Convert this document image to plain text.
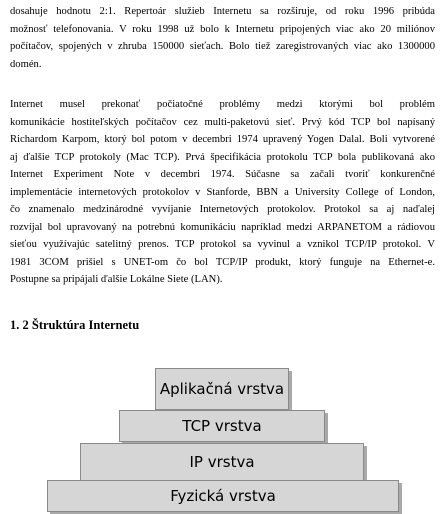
dosahuje hodnotu 2:1. Repertoár služieb Internetu sa rozširuje, od roku 1996 pribúda
možnosť telefonovania. V roku 1998 už bolo k Internetu pripojených viac ako 20 miliónov
počítačov, spojených v zhruba 150000 sieťach. Bolo tiež zaregistrovaných viac ako 1300000
domén.
Internet musel prekonať počiatočné problémy medzi ktorými bol problém
komunikácie hostiteľských počítačov cez multi-paketovú sieť. Prvý kód TCP bol napísaný
Richardom Karpom, ktorý bol potom v decembri 1974 upravený Yogen Dalal. Boli vytvorené
aj ďalšie TCP protokoly (Mac TCP). Prvá špecifikácia protokolu TCP bola publikovaná ako
Internet Experiment Note v decembri 1974. Súčasne sa začali tvoriť konkurenčné
implementácie internetových protokolov v Stanforde, BBN a University College of London,
čo znamenalo medzinárodné vyvíjanie Internetových protokolov. Protokol sa aj naďalej
rozvíjal bol upravovaný na potrebnú komunikáciu napríklad medzi ARPANETOM a rádiovou
sieťou využívajúc satelitný prenos. TCP protokol sa vyvinul a vznikol TCP/IP protokol. V
1981 3COM prišiel s UNET-om čo bol TCP/IP produkt, ktorý funguje na Ethernet-e.
Postupne sa pripájali ďalšie Lokálne Siete (LAN).
1. 2 Štruktúra Internetu
Aplikačná vrstva
TCP vrstva
IP vrstva
Fyzická vrstva
